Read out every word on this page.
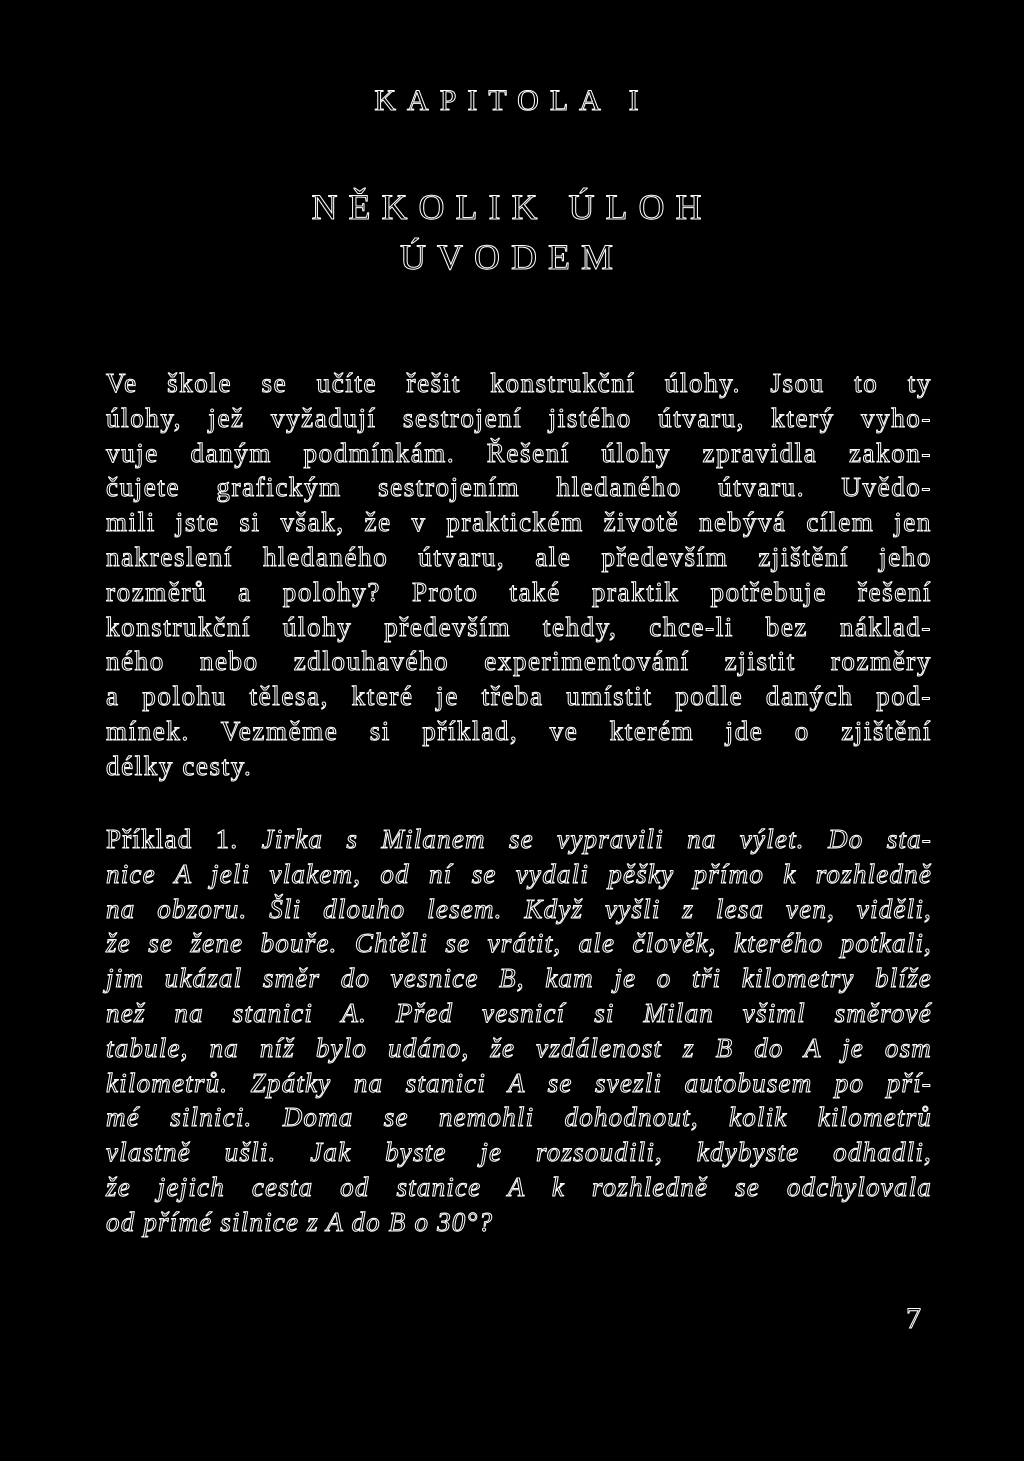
KAPITOLA I
NĚKOLIK ÚLOH
ÚVODEM
Ve škole se učíte řešit konstrukční úlohy. Jsou to ty
úlohy, jež vyžadují sestrojení jistého útvaru, který vyho-
vuje daným podmínkám. Řešení úlohy zpravidla zakon-
čujete grafickým sestrojením hledaného útvaru. Uvědo-
mili jste si však, že v praktickém životě nebývá cílem jen
nakreslení hledaného útvaru, ale především zjištění jeho
rozměrů a polohy? Proto také praktik potřebuje řešení
konstrukční úlohy především tehdy, chce-li bez náklad-
ného nebo zdlouhavého experimentování zjistit rozměry
a polohu tělesa, které je třeba umístit podle daných pod-
mínek. Vezměme si příklad, ve kterém jde o zjištění
délky cesty.
Příklad 1. Jirka s Milanem se vypravili na výlet. Do sta-
nice A jeli vlakem, od ní se vydali pěšky přímo k rozhledně
na obzoru. Šli dlouho lesem. Když vyšli z lesa ven, viděli,
že se žene bouře. Chtěli se vrátit, ale člověk, kterého potkali,
jim ukázal směr do vesnice B, kam je o tři kilometry blíže
než na stanici A. Před vesnicí si Milan všiml směrové
tabule, na níž bylo udáno, že vzdálenost z B do A je osm
kilometrů. Zpátky na stanici A se svezli autobusem po pří-
mé silnici. Doma se nemohli dohodnout, kolik kilometrů
vlastně ušli. Jak byste je rozsoudili, kdybyste odhadli,
že jejich cesta od stanice A k rozhledně se odchylovala
od přímé silnice z A do B o 30°?
7
